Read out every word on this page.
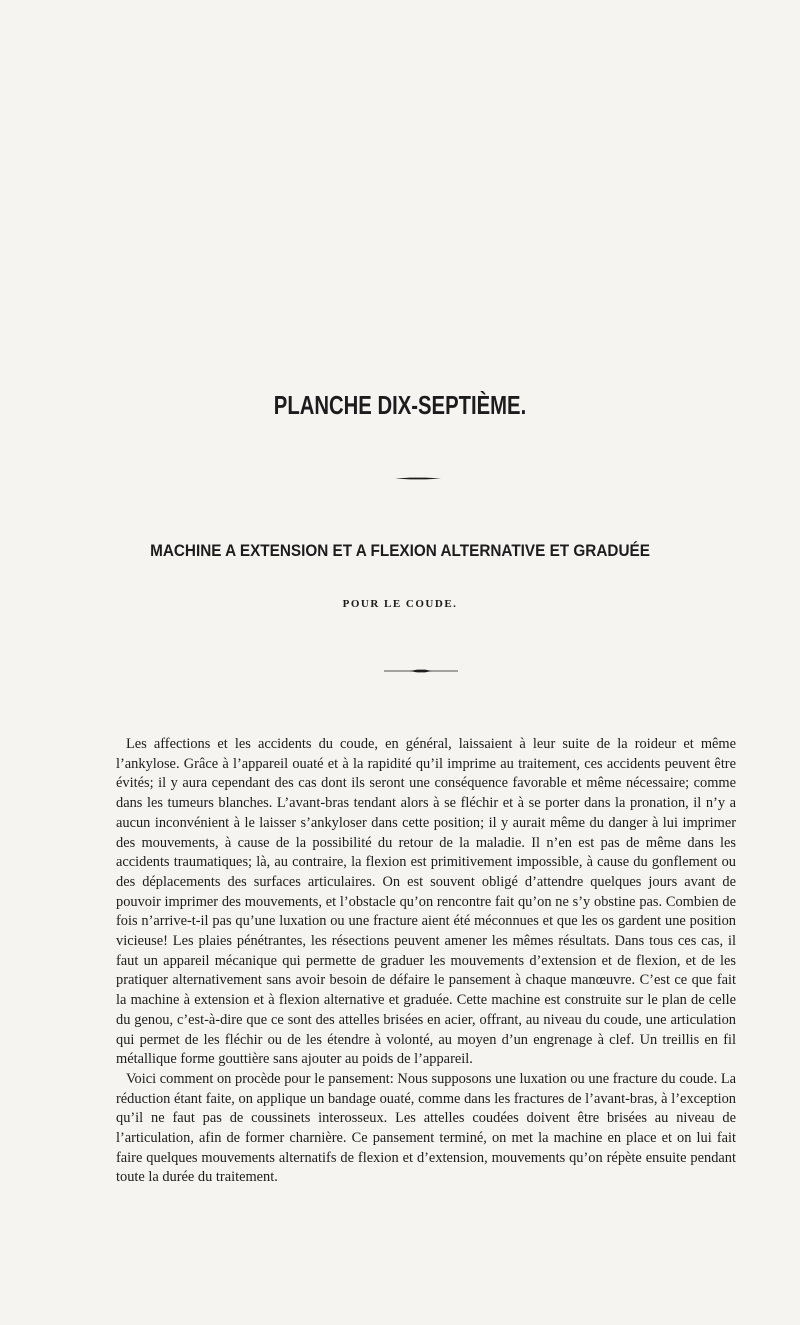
PLANCHE DIX-SEPTIÈME.
MACHINE A EXTENSION ET A FLEXION ALTERNATIVE ET GRADUÉE
POUR LE COUDE.

Les affections et les accidents du coude, en général, laissaient à leur suite de la roideur et même l’ankylose. Grâce à l’appareil ouaté et à la rapidité qu’il imprime au traitement, ces accidents peuvent être évités; il y aura cependant des cas dont ils seront une conséquence favorable et même nécessaire; comme dans les tumeurs blanches. L’avant-bras tendant alors à se fléchir et à se porter dans la pronation, il n’y a aucun inconvénient à le laisser s’ankyloser dans cette position; il y aurait même du danger à lui imprimer des mouvements, à cause de la possibilité du retour de la maladie. Il n’en est pas de même dans les accidents traumatiques; là, au contraire, la flexion est primitivement impossible, à cause du gonflement ou des déplacements des surfaces articulaires. On est souvent obligé d’attendre quelques jours avant de pouvoir imprimer des mouvements, et l’obstacle qu’on rencontre fait qu’on ne s’y obstine pas. Combien de fois n’arrive-t-il pas qu’une luxation ou une fracture aient été méconnues et que les os gardent une position vicieuse! Les plaies pénétrantes, les résections peuvent amener les mêmes résultats. Dans tous ces cas, il faut un appareil mécanique qui permette de graduer les mouvements d’extension et de flexion, et de les pratiquer alternativement sans avoir besoin de défaire le pansement à chaque manœuvre. C’est ce que fait la machine à extension et à flexion alternative et graduée. Cette machine est construite sur le plan de celle du genou, c’est-à-dire que ce sont des attelles brisées en acier, offrant, au niveau du coude, une articulation qui permet de les fléchir ou de les étendre à volonté, au moyen d’un engrenage à clef. Un treillis en fil métallique forme gouttière sans ajouter au poids de l’appareil.

Voici comment on procède pour le pansement: Nous supposons une luxation ou une fracture du coude. La réduction étant faite, on applique un bandage ouaté, comme dans les fractures de l’avant-bras, à l’exception qu’il ne faut pas de coussinets interosseux. Les attelles coudées doivent être brisées au niveau de l’articulation, afin de former charnière. Ce pansement terminé, on met la machine en place et on lui fait faire quelques mouvements alternatifs de flexion et d’extension, mouvements qu’on répète ensuite pendant toute la durée du traitement.
